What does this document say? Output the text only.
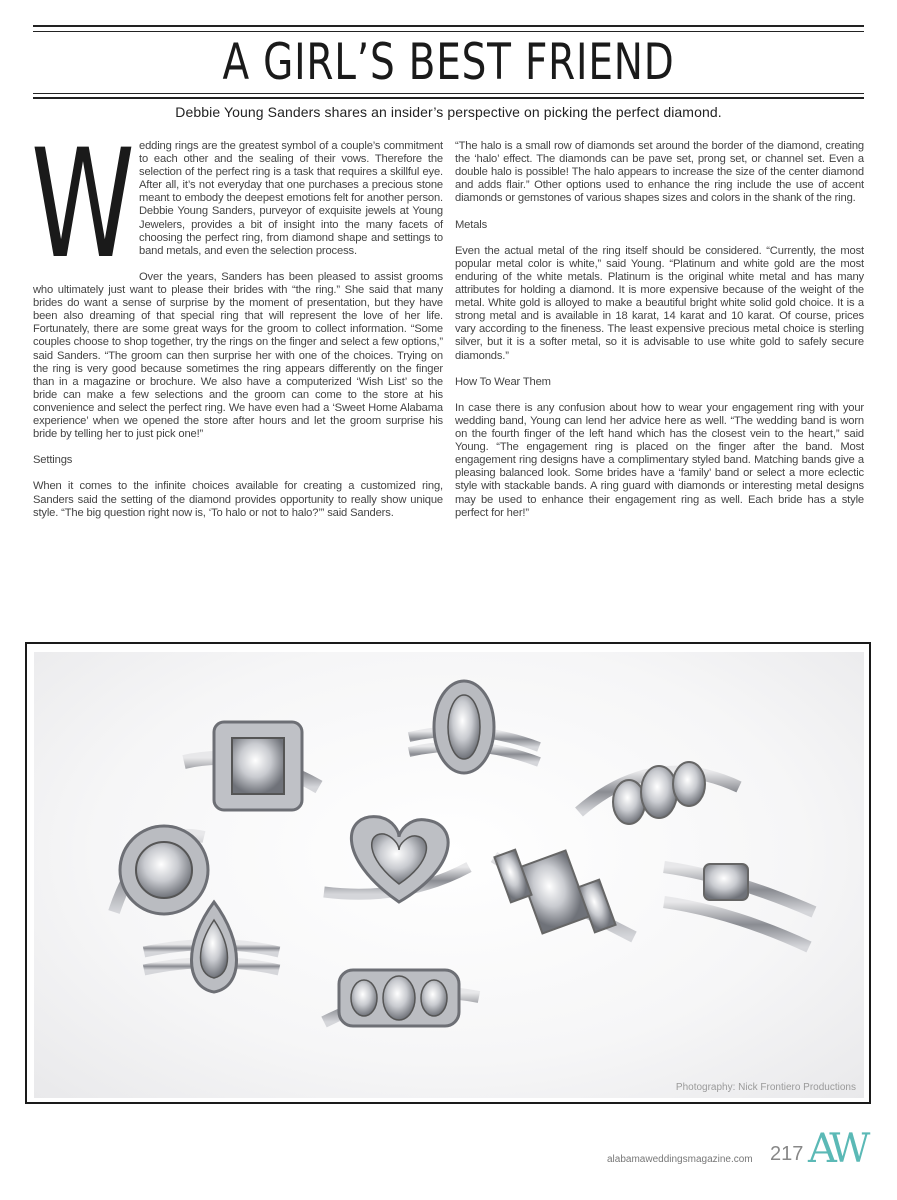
A GIRL’S BEST FRIEND
Debbie Young Sanders shares an insider’s perspective on picking the perfect diamond.

Wedding rings are the greatest symbol of a couple’s commitment to each other and the sealing of their vows. Therefore the selection of the perfect ring is a task that requires a skillful eye. After all, it’s not everyday that one purchases a precious stone meant to embody the deepest emotions felt for another person. Debbie Young Sanders, purveyor of exquisite jewels at Young Jewelers, provides a bit of insight into the many facets of choosing the perfect ring, from diamond shape and settings to band metals, and even the selection process.

Over the years, Sanders has been pleased to assist grooms who ultimately just want to please their brides with “the ring.” She said that many brides do want a sense of surprise by the moment of presentation, but they have been also dreaming of that special ring that will represent the love of her life. Fortunately, there are some great ways for the groom to collect information. “Some couples choose to shop together, try the rings on the finger and select a few options,” said Sanders. “The groom can then surprise her with one of the choices. Trying on the ring is very good because sometimes the ring appears differently on the finger than in a magazine or brochure. We also have a computerized ‘Wish List’ so the bride can make a few selections and the groom can come to the store at his convenience and select the perfect ring. We have even had a ‘Sweet Home Alabama experience’ when we opened the store after hours and let the groom surprise his bride by telling her to just pick one!”

Settings

When it comes to the infinite choices available for creating a customized ring, Sanders said the setting of the diamond provides opportunity to really show unique style. “The big question right now is, ‘To halo or not to halo?’” said Sanders.

“The halo is a small row of diamonds set around the border of the diamond, creating the ‘halo’ effect. The diamonds can be pave set, prong set, or channel set. Even a double halo is possible! The halo appears to increase the size of the center diamond and adds flair.” Other options used to enhance the ring include the use of accent diamonds or gemstones of various shapes sizes and colors in the shank of the ring.

Metals

Even the actual metal of the ring itself should be considered. “Currently, the most popular metal color is white,” said Young. “Platinum and white gold are the most enduring of the white metals. Platinum is the original white metal and has many attributes for holding a diamond. It is more expensive because of the weight of the metal. White gold is alloyed to make a beautiful bright white solid gold choice. It is a strong metal and is available in 18 karat, 14 karat and 10 karat. Of course, prices vary according to the fineness. The least expensive precious metal choice is sterling silver, but it is a softer metal, so it is advisable to use white gold to safely secure diamonds.”

How To Wear Them

In case there is any confusion about how to wear your engagement ring with your wedding band, Young can lend her advice here as well. “The wedding band is worn on the fourth finger of the left hand which has the closest vein to the heart,” said Young. “The engagement ring is placed on the finger after the band. Most engagement ring designs have a complimentary styled band. Matching bands give a pleasing balanced look. Some brides have a ‘family’ band or select a more eclectic style with stackable bands. A ring guard with diamonds or interesting metal designs may be used to enhance their engagement ring as well. Each bride has a style perfect for her!”

Photography: Nick Frontiero Productions
alabamaweddingsmagazine.com 217 AW
